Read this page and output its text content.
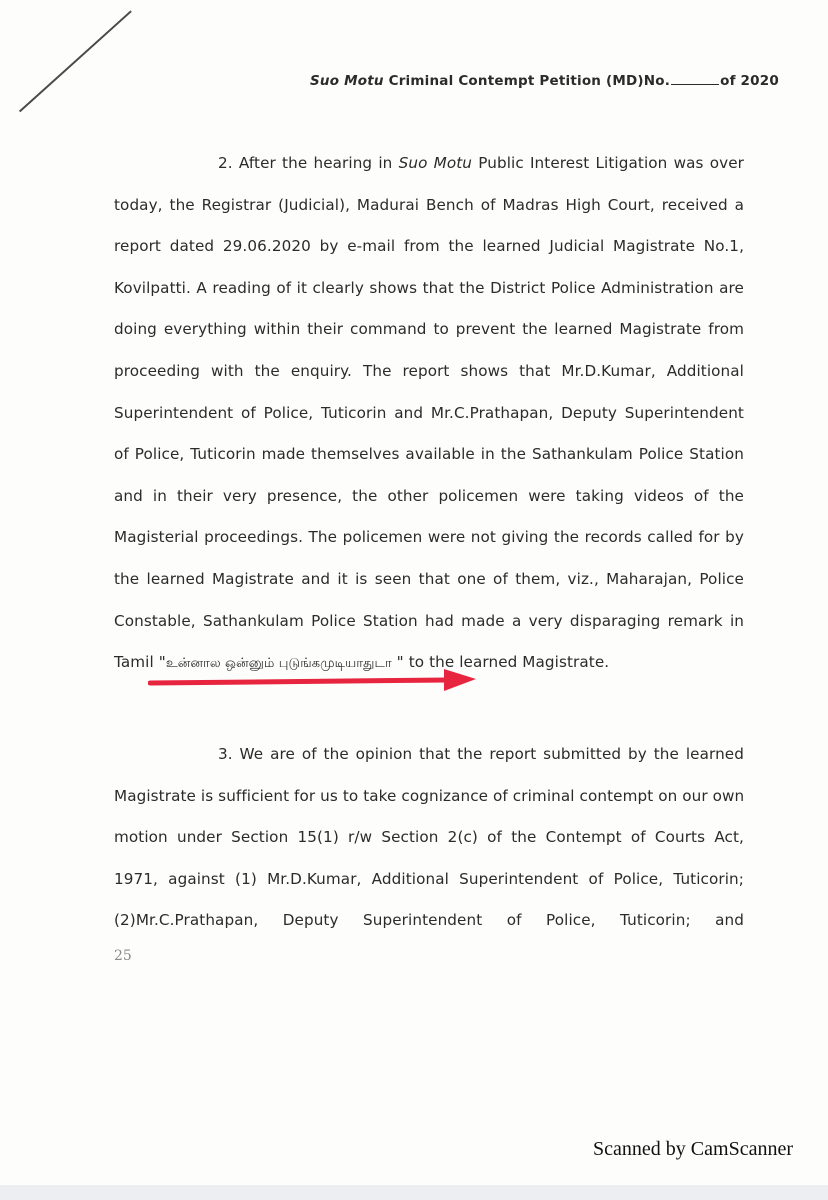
Suo Motu Criminal Contempt Petition (MD)No.	of 2020
2. After the hearing in Suo Motu Public Interest Litigation was over
today, the Registrar (Judicial), Madurai Bench of Madras High Court, received a
report dated 29.06.2020 by e-mail from the learned Judicial Magistrate No.1,
Kovilpatti. A reading of it clearly shows that the District Police Administration are
doing everything within their command to prevent the learned Magistrate from
proceeding with the enquiry. The report shows that Mr.D.Kumar, Additional
Superintendent of Police, Tuticorin and Mr.C.Prathapan, Deputy Superintendent
of Police, Tuticorin made themselves available in the Sathankulam Police Station
and in their very presence, the other policemen were taking videos of the
Magisterial proceedings. The policemen were not giving the records called for by
the learned Magistrate and it is seen that one of them, viz., Maharajan, Police
Constable, Sathankulam Police Station had made a very disparaging remark in
Tamil "உன்னால ஒன்னும் புடுங்கமுடியாதுடா " to the learned Magistrate.
3. We are of the opinion that the report submitted by the learned
Magistrate is sufficient for us to take cognizance of criminal contempt on our own
motion under Section 15(1) r/w Section 2(c) of the Contempt of Courts Act,
1971, against (1) Mr.D.Kumar, Additional Superintendent of Police, Tuticorin;
(2)Mr.C.Prathapan, Deputy Superintendent of Police, Tuticorin; and
25
Scanned by CamScanner
